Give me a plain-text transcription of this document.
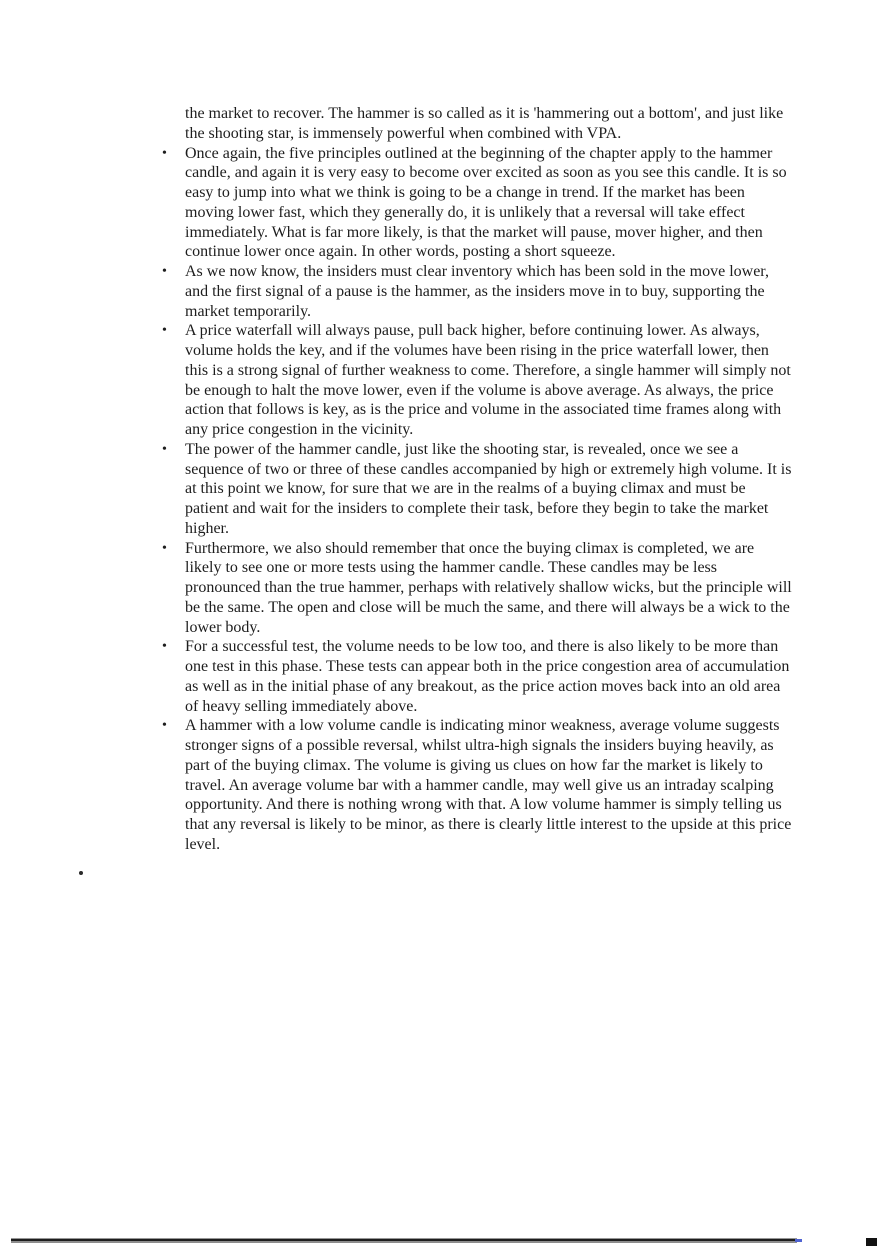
the market to recover. The hammer is so called as it is 'hammering out a bottom', and just like the shooting star, is immensely powerful when combined with VPA.

• Once again, the five principles outlined at the beginning of the chapter apply to the hammer candle, and again it is very easy to become over excited as soon as you see this candle. It is so easy to jump into what we think is going to be a change in trend. If the market has been moving lower fast, which they generally do, it is unlikely that a reversal will take effect immediately. What is far more likely, is that the market will pause, mover higher, and then continue lower once again. In other words, posting a short squeeze.
• As we now know, the insiders must clear inventory which has been sold in the move lower, and the first signal of a pause is the hammer, as the insiders move in to buy, supporting the market temporarily.
• A price waterfall will always pause, pull back higher, before continuing lower. As always, volume holds the key, and if the volumes have been rising in the price waterfall lower, then this is a strong signal of further weakness to come. Therefore, a single hammer will simply not be enough to halt the move lower, even if the volume is above average. As always, the price action that follows is key, as is the price and volume in the associated time frames along with any price congestion in the vicinity.
• The power of the hammer candle, just like the shooting star, is revealed, once we see a sequence of two or three of these candles accompanied by high or extremely high volume. It is at this point we know, for sure that we are in the realms of a buying climax and must be patient and wait for the insiders to complete their task, before they begin to take the market higher.
• Furthermore, we also should remember that once the buying climax is completed, we are likely to see one or more tests using the hammer candle. These candles may be less pronounced than the true hammer, perhaps with relatively shallow wicks, but the principle will be the same. The open and close will be much the same, and there will always be a wick to the lower body.
• For a successful test, the volume needs to be low too, and there is also likely to be more than one test in this phase. These tests can appear both in the price congestion area of accumulation as well as in the initial phase of any breakout, as the price action moves back into an old area of heavy selling immediately above.
• A hammer with a low volume candle is indicating minor weakness, average volume suggests stronger signs of a possible reversal, whilst ultra-high signals the insiders buying heavily, as part of the buying climax. The volume is giving us clues on how far the market is likely to travel. An average volume bar with a hammer candle, may well give us an intraday scalping opportunity. And there is nothing wrong with that. A low volume hammer is simply telling us that any reversal is likely to be minor, as there is clearly little interest to the upside at this price level.
